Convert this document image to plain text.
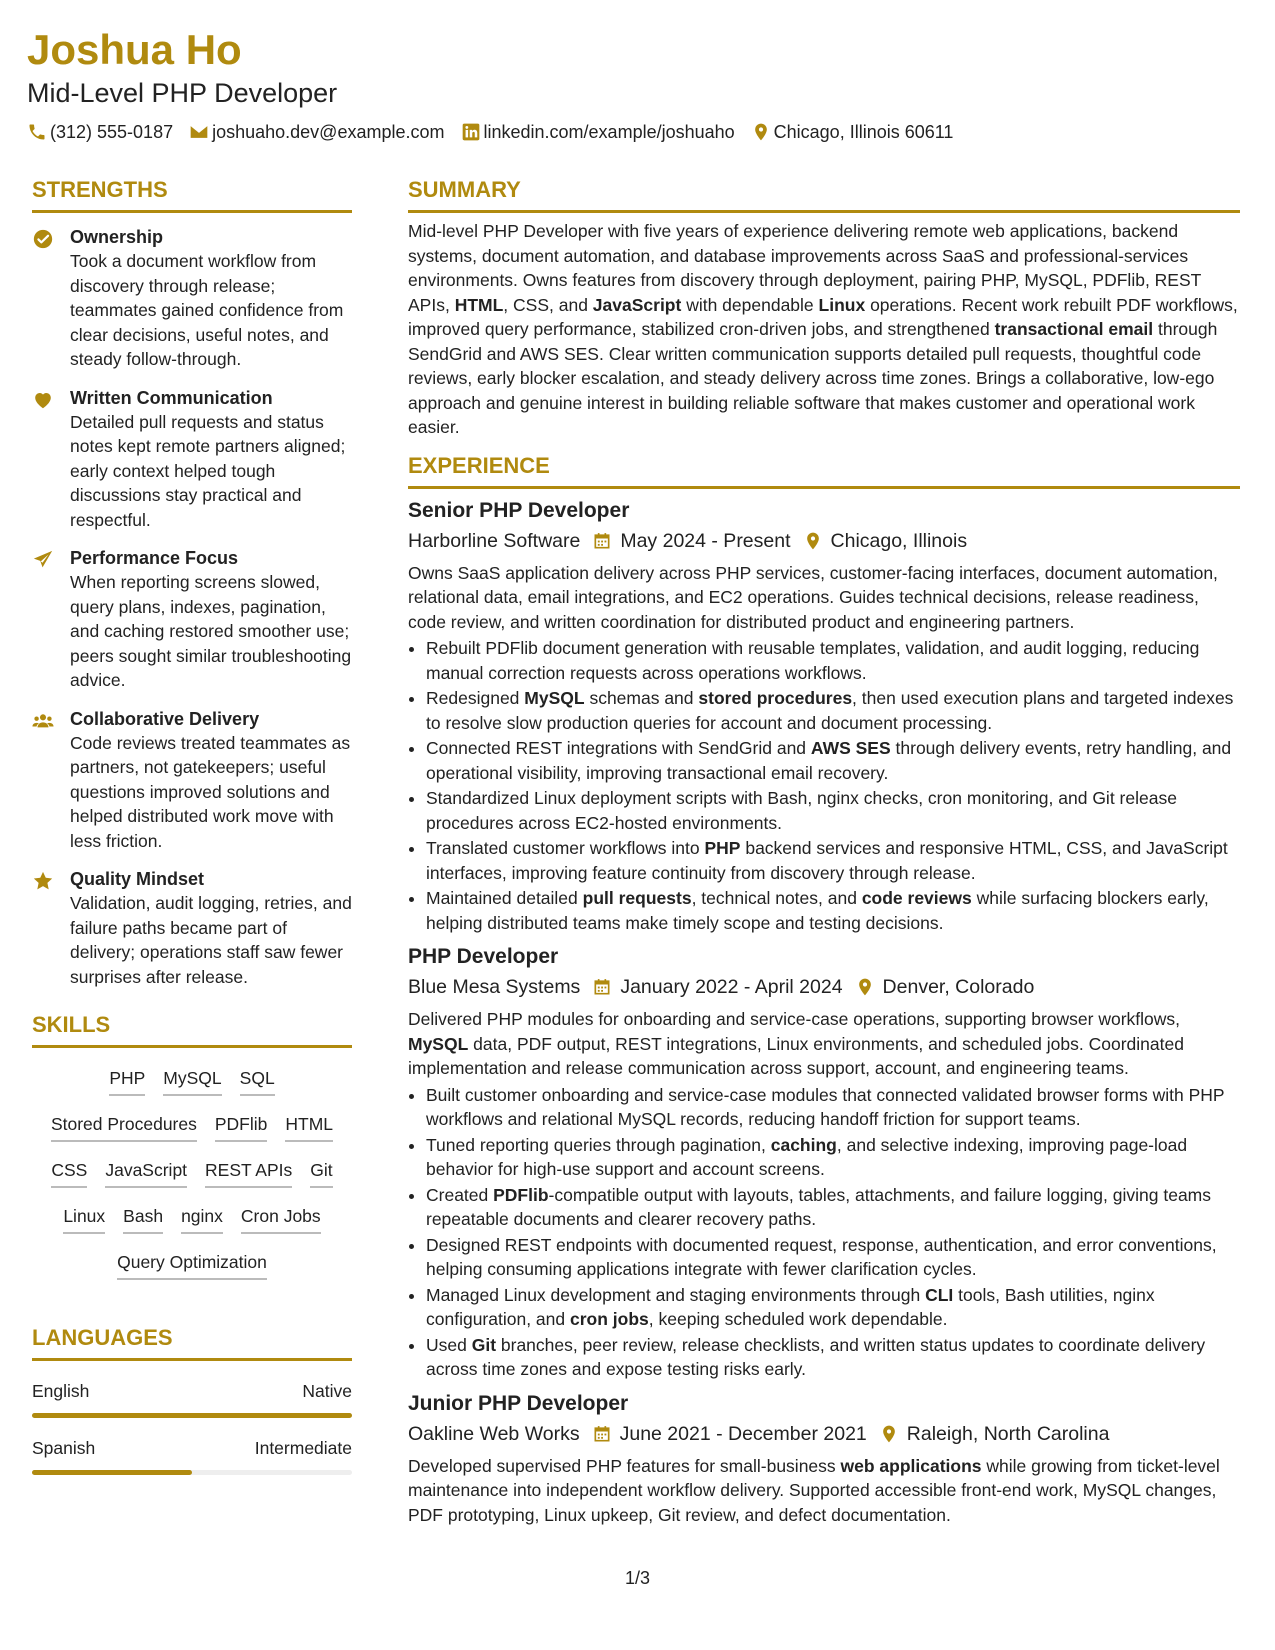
Joshua Ho
Mid-Level PHP Developer
(312) 555-0187 joshuaho.dev@example.com linkedin.com/example/joshuaho Chicago, Illinois 60611
STRENGTHS
Ownership
Took a document workflow from discovery through release; teammates gained confidence from clear decisions, useful notes, and steady follow-through.
Written Communication
Detailed pull requests and status notes kept remote partners aligned; early context helped tough discussions stay practical and respectful.
Performance Focus
When reporting screens slowed, query plans, indexes, pagination, and caching restored smoother use; peers sought similar troubleshooting advice.
Collaborative Delivery
Code reviews treated teammates as partners, not gatekeepers; useful questions improved solutions and helped distributed work move with less friction.
Quality Mindset
Validation, audit logging, retries, and failure paths became part of delivery; operations staff saw fewer surprises after release.
SKILLS
PHP MySQL SQL
Stored Procedures PDFlib HTML
CSS JavaScript REST APIs Git
Linux Bash nginx Cron Jobs
Query Optimization
LANGUAGES
English	Native
Spanish	Intermediate
SUMMARY
Mid-level PHP Developer with five years of experience delivering remote web applications, backend systems, document automation, and database improvements across SaaS and professional-services environments. Owns features from discovery through deployment, pairing PHP, MySQL, PDFlib, REST APIs, HTML, CSS, and JavaScript with dependable Linux operations. Recent work rebuilt PDF workflows, improved query performance, stabilized cron-driven jobs, and strengthened transactional email through SendGrid and AWS SES. Clear written communication supports detailed pull requests, thoughtful code reviews, early blocker escalation, and steady delivery across time zones. Brings a collaborative, low-ego approach and genuine interest in building reliable software that makes customer and operational work easier.
EXPERIENCE
Senior PHP Developer
Harborline Software May 2024 - Present Chicago, Illinois
Owns SaaS application delivery across PHP services, customer-facing interfaces, document automation, relational data, email integrations, and EC2 operations. Guides technical decisions, release readiness, code review, and written coordination for distributed product and engineering partners.
• Rebuilt PDFlib document generation with reusable templates, validation, and audit logging, reducing manual correction requests across operations workflows.
• Redesigned MySQL schemas and stored procedures, then used execution plans and targeted indexes to resolve slow production queries for account and document processing.
• Connected REST integrations with SendGrid and AWS SES through delivery events, retry handling, and operational visibility, improving transactional email recovery.
• Standardized Linux deployment scripts with Bash, nginx checks, cron monitoring, and Git release procedures across EC2-hosted environments.
• Translated customer workflows into PHP backend services and responsive HTML, CSS, and JavaScript interfaces, improving feature continuity from discovery through release.
• Maintained detailed pull requests, technical notes, and code reviews while surfacing blockers early, helping distributed teams make timely scope and testing decisions.
PHP Developer
Blue Mesa Systems January 2022 - April 2024 Denver, Colorado
Delivered PHP modules for onboarding and service-case operations, supporting browser workflows, MySQL data, PDF output, REST integrations, Linux environments, and scheduled jobs. Coordinated implementation and release communication across support, account, and engineering teams.
• Built customer onboarding and service-case modules that connected validated browser forms with PHP workflows and relational MySQL records, reducing handoff friction for support teams.
• Tuned reporting queries through pagination, caching, and selective indexing, improving page-load behavior for high-use support and account screens.
• Created PDFlib-compatible output with layouts, tables, attachments, and failure logging, giving teams repeatable documents and clearer recovery paths.
• Designed REST endpoints with documented request, response, authentication, and error conventions, helping consuming applications integrate with fewer clarification cycles.
• Managed Linux development and staging environments through CLI tools, Bash utilities, nginx configuration, and cron jobs, keeping scheduled work dependable.
• Used Git branches, peer review, release checklists, and written status updates to coordinate delivery across time zones and expose testing risks early.
Junior PHP Developer
Oakline Web Works June 2021 - December 2021 Raleigh, North Carolina
Developed supervised PHP features for small-business web applications while growing from ticket-level maintenance into independent workflow delivery. Supported accessible front-end work, MySQL changes, PDF prototyping, Linux upkeep, Git review, and defect documentation.
1/3
